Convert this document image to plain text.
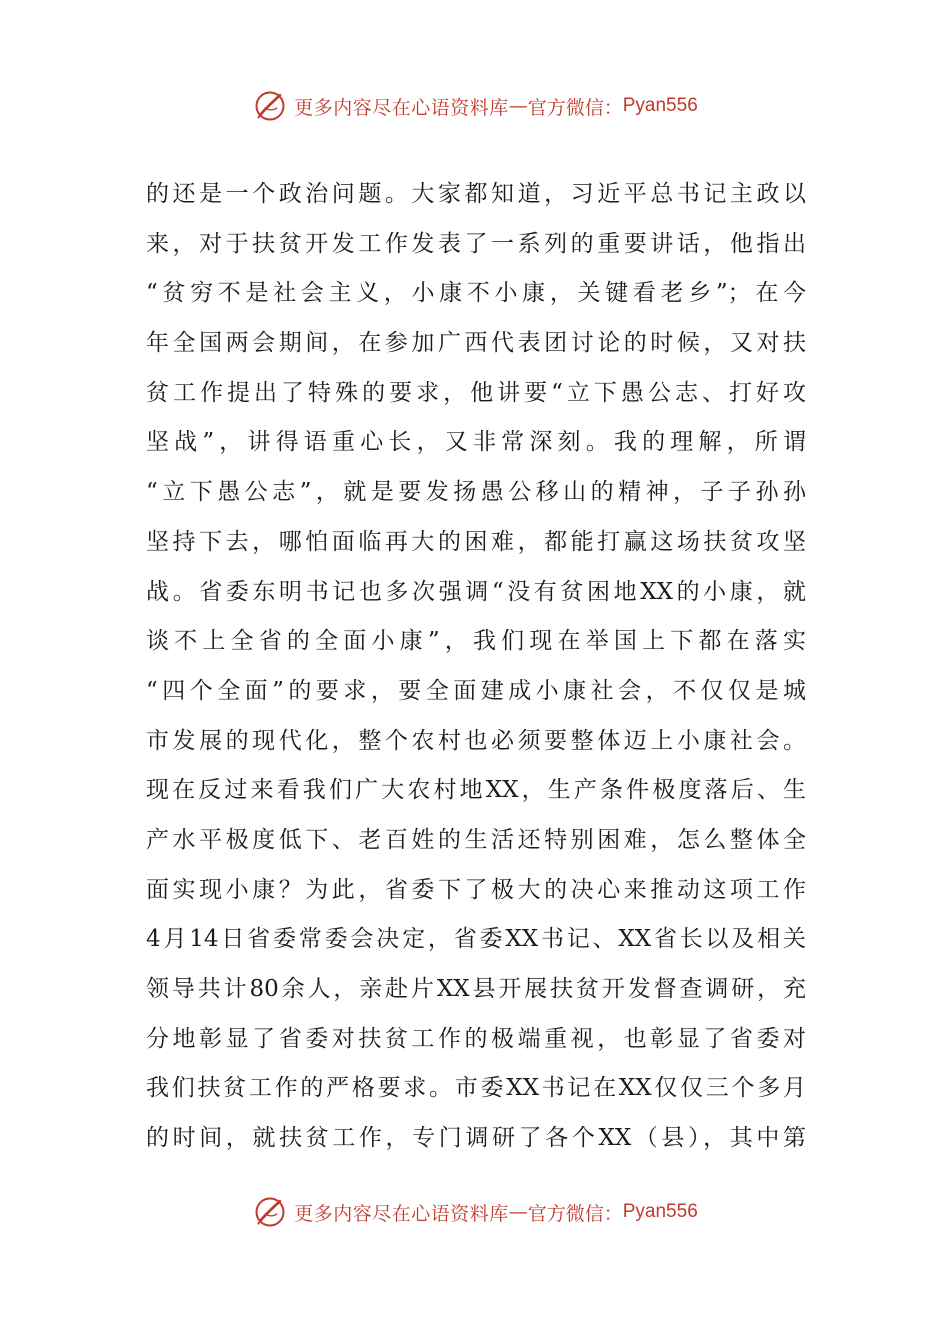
更多内容尽在心语资料库 — 官方微信： Pyan556
的还是一个政治问题。大家都知道，习近平总书记主政以
来，对于扶贫开发工作发表了一系列的重要讲话，他指出
“贫穷不是社会主义，小康不小康，关键看老乡”；在今
年全国两会期间，在参加广西代表团讨论的时候，又对扶
贫工作提出了特殊的要求，他讲要“立下愚公志、打好攻
坚战”，讲得语重心长，又非常深刻。我的理解，所谓
“立下愚公志”，就是要发扬愚公移山的精神，子子孙孙
坚持下去，哪怕面临再大的困难，都能打赢这场扶贫攻坚
战。省委东明书记也多次强调“没有贫困地XX的小康，就
谈不上全省的全面小康”，我们现在举国上下都在落实
“四个全面”的要求，要全面建成小康社会，不仅仅是城
市发展的现代化，整个农村也必须要整体迈上小康社会。
现在反过来看我们广大农村地XX，生产条件极度落后、生
产水平极度低下、老百姓的生活还特别困难，怎么整体全
面实现小康？为此，省委下了极大的决心来推动这项工作
4月14日省委常委会决定，省委XX书记、XX省长以及相关
领导共计80余人，亲赴片XX县开展扶贫开发督查调研，充
分地彰显了省委对扶贫工作的极端重视，也彰显了省委对
我们扶贫工作的严格要求。市委XX书记在XX仅仅三个多月
的时间，就扶贫工作，专门调研了各个XX（县），其中第
更多内容尽在心语资料库 — 官方微信： Pyan556
